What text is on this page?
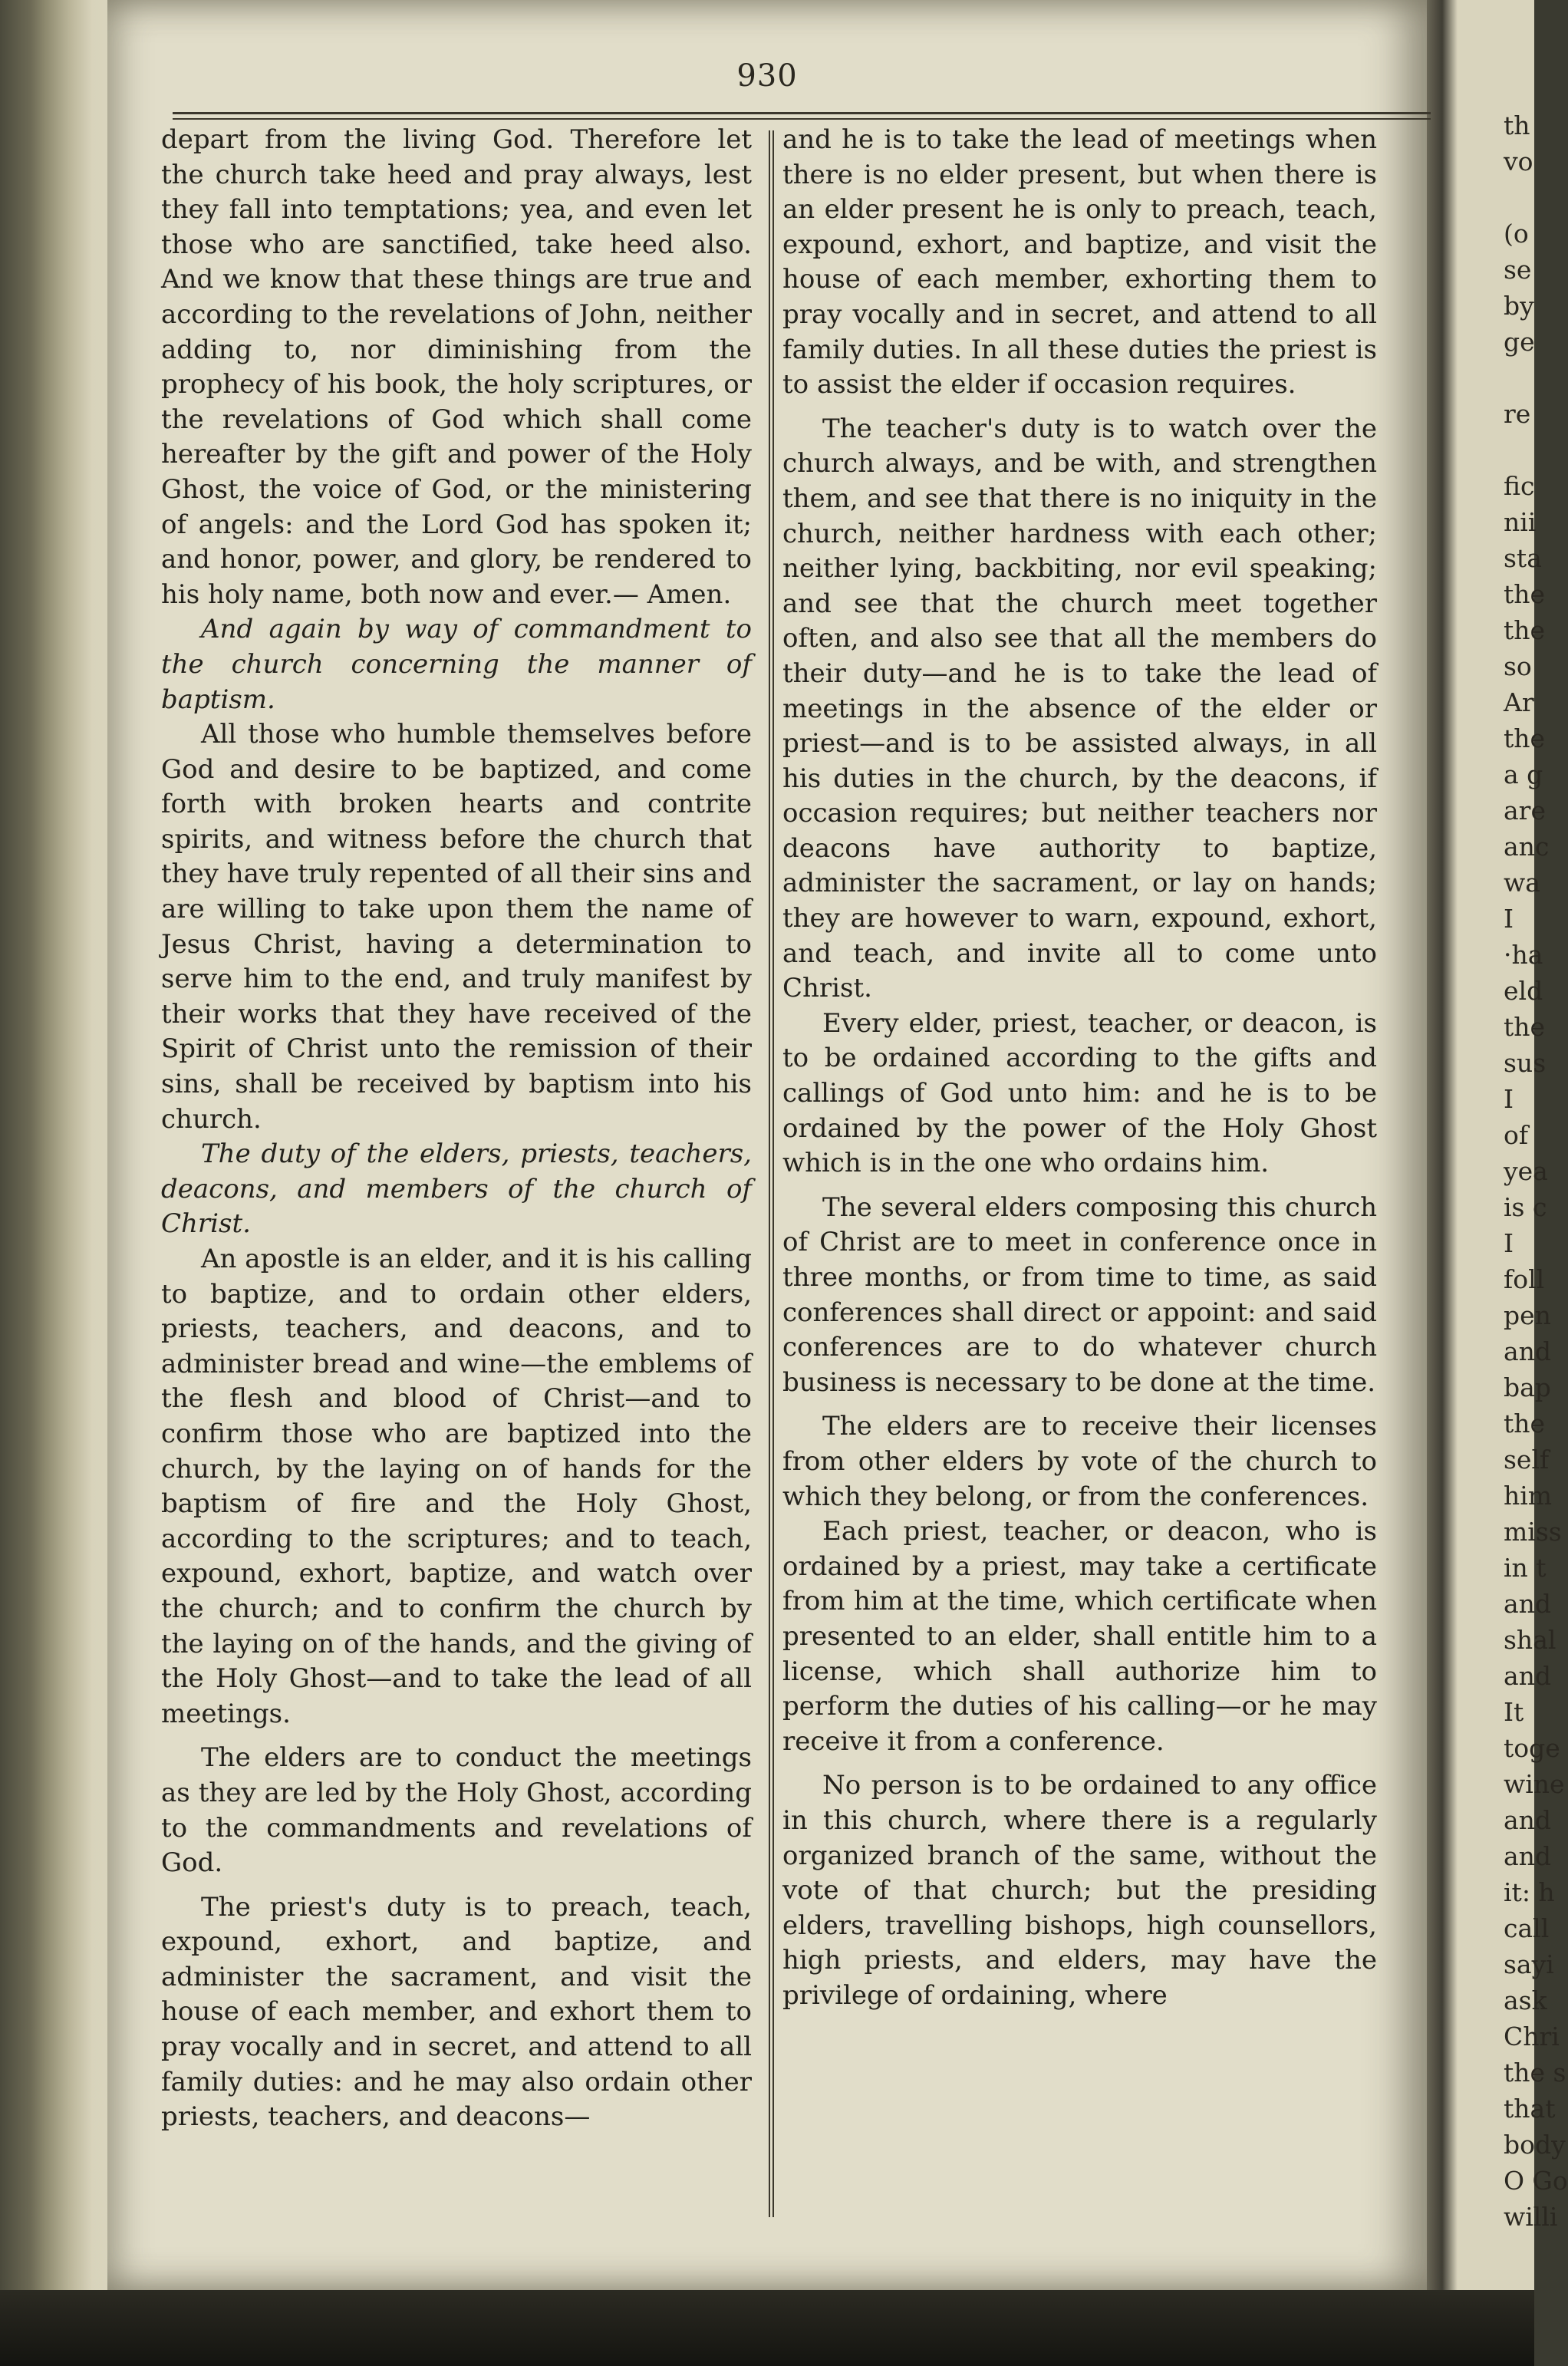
930

depart from the living God. Therefore let the church take heed and pray always, lest they fall into temptations; yea, and even let those who are sanctified, take heed also. And we know that these things are true and according to the revelations of John, neither adding to, nor diminishing from the prophecy of his book, the holy scriptures, or the revelations of God which shall come hereafter by the gift and power of the Holy Ghost, the voice of God, or the ministering of angels: and the Lord God has spoken it; and honor, power, and glory, be rendered to his holy name, both now and ever.— Amen.

And again by way of commandment to the church concerning the manner of baptism.

All those who humble themselves before God and desire to be baptized, and come forth with broken hearts and contrite spirits, and witness before the church that they have truly repented of all their sins and are willing to take upon them the name of Jesus Christ, having a determination to serve him to the end, and truly manifest by their works that they have received of the Spirit of Christ unto the remission of their sins, shall be received by baptism into his church.

The duty of the elders, priests, teachers, deacons, and members of the church of Christ.

An apostle is an elder, and it is his calling to baptize, and to ordain other elders, priests, teachers, and deacons, and to administer bread and wine—the emblems of the flesh and blood of Christ—and to confirm those who are baptized into the church, by the laying on of hands for the baptism of fire and the Holy Ghost, according to the scriptures; and to teach, expound, exhort, baptize, and watch over the church; and to confirm the church by the laying on of the hands, and the giving of the Holy Ghost—and to take the lead of all meetings.

The elders are to conduct the meetings as they are led by the Holy Ghost, according to the commandments and revelations of God.

The priest's duty is to preach, teach, expound, exhort, and baptize, and administer the sacrament, and visit the house of each member, and exhort them to pray vocally and in secret, and attend to all family duties: and he may also ordain other priests, teachers, and deacons—

and he is to take the lead of meetings when there is no elder present, but when there is an elder present he is only to preach, teach, expound, exhort, and baptize, and visit the house of each member, exhorting them to pray vocally and in secret, and attend to all family duties. In all these duties the priest is to assist the elder if occasion requires.

The teacher's duty is to watch over the church always, and be with, and strengthen them, and see that there is no iniquity in the church, neither hardness with each other; neither lying, backbiting, nor evil speaking; and see that the church meet together often, and also see that all the members do their duty—and he is to take the lead of meetings in the absence of the elder or priest—and is to be assisted always, in all his duties in the church, by the deacons, if occasion requires; but neither teachers nor deacons have authority to baptize, administer the sacrament, or lay on hands; they are however to warn, expound, exhort, and teach, and invite all to come unto Christ.

Every elder, priest, teacher, or deacon, is to be ordained according to the gifts and callings of God unto him: and he is to be ordained by the power of the Holy Ghost which is in the one who ordains him.

The several elders composing this church of Christ are to meet in conference once in three months, or from time to time, as said conferences shall direct or appoint: and said conferences are to do whatever church business is necessary to be done at the time.

The elders are to receive their licenses from other elders by vote of the church to which they belong, or from the conferences.

Each priest, teacher, or deacon, who is ordained by a priest, may take a certificate from him at the time, which certificate when presented to an elder, shall entitle him to a license, which shall authorize him to perform the duties of his calling—or he may receive it from a conference.

No person is to be ordained to any office in this church, where there is a regularly organized branch of the same, without the vote of that church; but the presiding elders, travelling bishops, high counsellors, high priests, and elders, may have the privilege of ordaining, where

th
vo

(o
se
by
ge

re

fic
nii
sta
the
the
so
Ar
the
a g
are
anc
wa
I
·ha
eld
the
sus
I
of
yea
is c
I
foll
pen
and
bap
the
self
him
miss
in t
and
shal
and
It
toge
wine
and
and
it: h
call
sayi
ask
Chri
the s
that
body
O Go
willi
